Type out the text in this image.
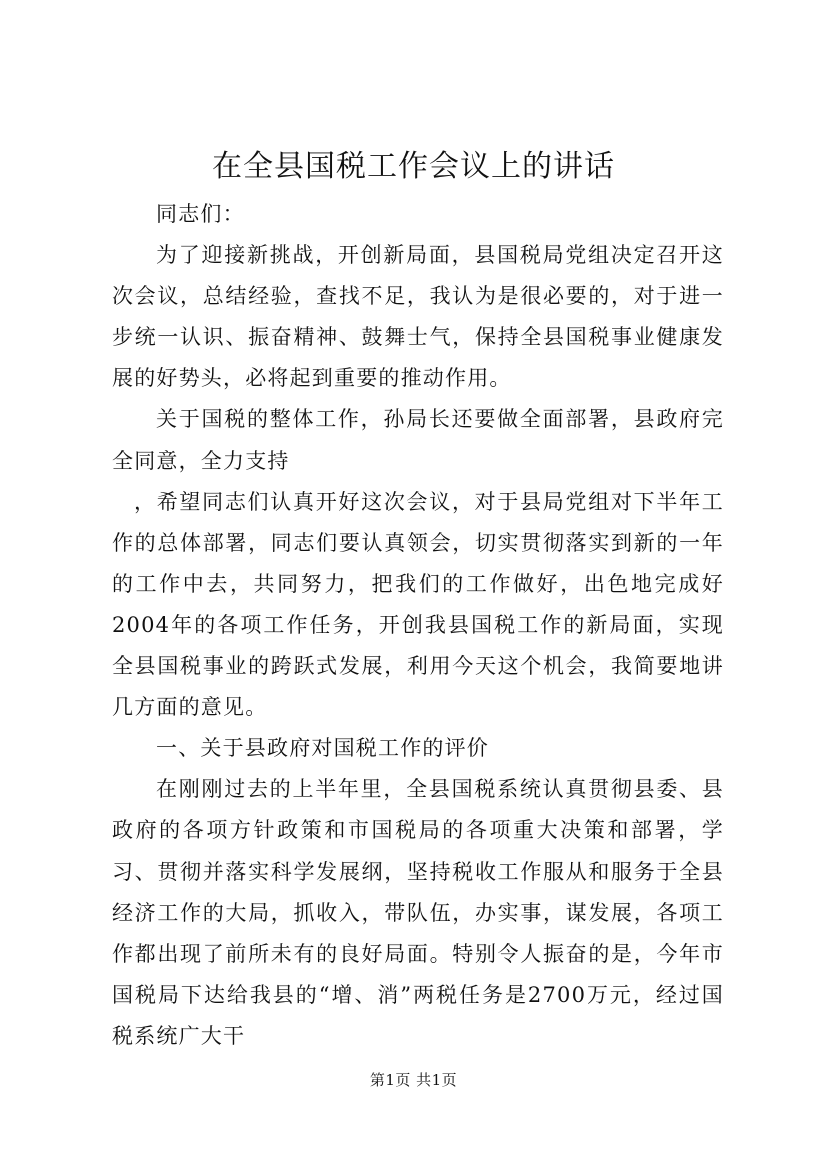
在全县国税工作会议上的讲话

同志们：

为了迎接新挑战，开创新局面，县国税局党组决定召开这次会议，总结经验，查找不足，我认为是很必要的，对于进一步统一认识、振奋精神、鼓舞士气，保持全县国税事业健康发展的好势头，必将起到重要的推动作用。

关于国税的整体工作，孙局长还要做全面部署，县政府完全同意，全力支持

，希望同志们认真开好这次会议，对于县局党组对下半年工作的总体部署，同志们要认真领会，切实贯彻落实到新的一年的工作中去，共同努力，把我们的工作做好，出色地完成好2004年的各项工作任务，开创我县国税工作的新局面，实现全县国税事业的跨跃式发展，利用今天这个机会，我简要地讲几方面的意见。

一、关于县政府对国税工作的评价

在刚刚过去的上半年里，全县国税系统认真贯彻县委、县政府的各项方针政策和市国税局的各项重大决策和部署，学习、贯彻并落实科学发展纲，坚持税收工作服从和服务于全县经济工作的大局，抓收入，带队伍，办实事，谋发展，各项工作都出现了前所未有的良好局面。特别令人振奋的是，今年市国税局下达给我县的“增、消”两税任务是2700万元，经过国税系统广大干

第1页 共1页
